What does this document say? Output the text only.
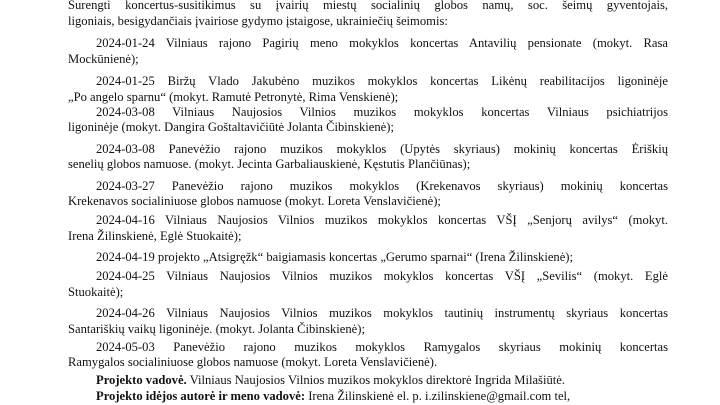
Surengti koncertus-susitikimus su įvairių miestų socialinių globos namų, soc. šeimų gyventojais,
ligoniais, besigydančiais įvairiose gydymo įstaigose, ukrainiečių šeimomis:
2024-01-24 Vilniaus rajono Pagirių meno mokyklos koncertas Antavilių pensionate (mokyt. Rasa
Mockūnienė);
2024-01-25 Biržų Vlado Jakubėno muzikos mokyklos koncertas Likėnų reabilitacijos ligoninėje
„Po angelo sparnu“ (mokyt. Ramutė Petronytė, Rima Venskienė);
2024-03-08 Vilniaus Naujosios Vilnios muzikos mokyklos koncertas Vilniaus psichiatrijos
ligoninėje (mokyt. Dangira Goštaltavičiūtė Jolanta Čibinskienė);
2024-03-08 Panevėžio rajono muzikos mokyklos (Upytės skyriaus) mokinių koncertas Ėriškių
senelių globos namuose. (mokyt. Jecinta Garbaliauskienė, Kęstutis Plančiūnas);
2024-03-27 Panevėžio rajono muzikos mokyklos (Krekenavos skyriaus) mokinių koncertas
Krekenavos socialiniuose globos namuose (mokyt. Loreta Venslavičienė);
2024-04-16 Vilniaus Naujosios Vilnios muzikos mokyklos koncertas VŠĮ „Senjorų avilys“ (mokyt.
Irena Žilinskienė, Eglė Stuokaitė);
2024-04-19 projekto „Atsigręžk“ baigiamasis koncertas „Gerumo sparnai“ (Irena Žilinskienė);
2024-04-25 Vilniaus Naujosios Vilnios muzikos mokyklos koncertas VŠĮ „Sevilis“ (mokyt. Eglė
Stuokaitė);
2024-04-26 Vilniaus Naujosios Vilnios muzikos mokyklos tautinių instrumentų skyriaus koncertas
Santariškių vaikų ligoninėje. (mokyt. Jolanta Čibinskienė);
2024-05-03 Panevėžio rajono muzikos mokyklos Ramygalos skyriaus mokinių koncertas
Ramygalos socialiniuose globos namuose (mokyt. Loreta Venslavičienė).
Projekto vadovė. Vilniaus Naujosios Vilnios muzikos mokyklos direktorė Ingrida Milašiūtė.
Projekto idėjos autorė ir meno vadovė: Irena Žilinskienė el. p. i.zilinskiene@gmail.com tel,
